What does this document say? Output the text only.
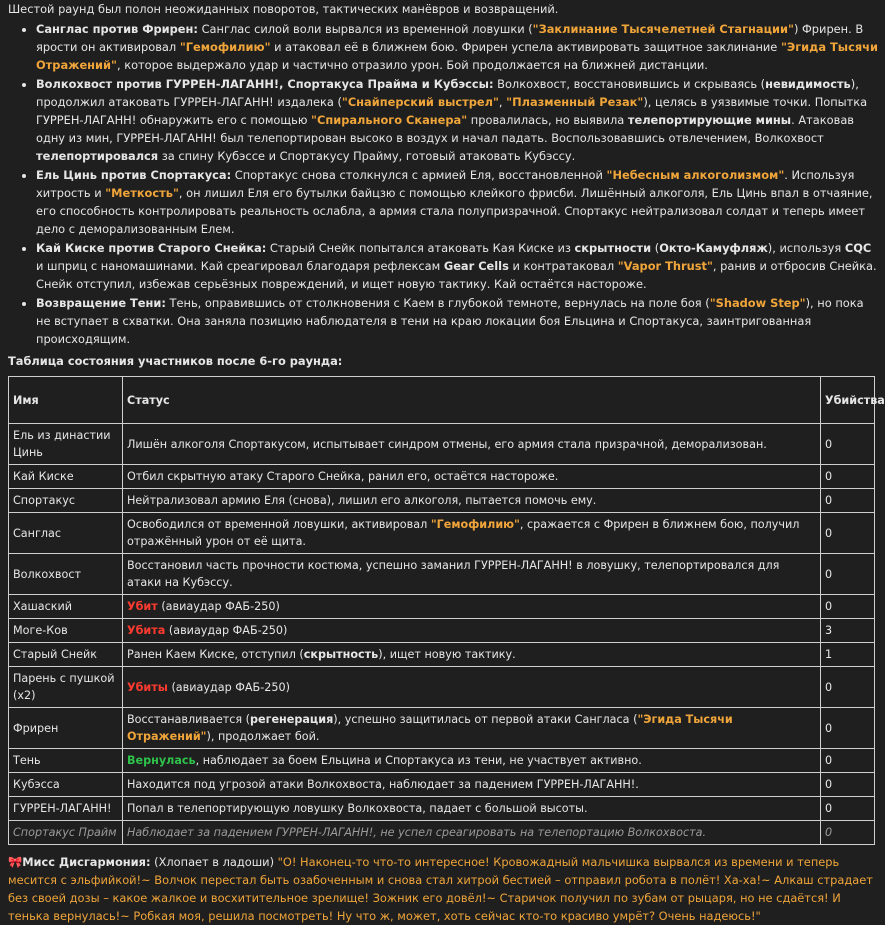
Шестой раунд был полон неожиданных поворотов, тактических манёвров и возвращений.

• Санглас против Фрирен: Санглас силой воли вырвался из временной ловушки ("Заклинание Тысячелетней Стагнации") Фрирен. В ярости он активировал "Гемофилию" и атаковал её в ближнем бою. Фрирен успела активировать защитное заклинание "Эгида Тысячи Отражений", которое выдержало удар и частично отразило урон. Бой продолжается на ближней дистанции.
• Волкохвост против ГУРРЕН-ЛАГАНН!, Спортакуса Прайма и Кубэссы: Волкохвост, восстановившись и скрываясь (невидимость), продолжил атаковать ГУРРЕН-ЛАГАНН! издалека ("Снайперский выстрел", "Плазменный Резак"), целясь в уязвимые точки. Попытка ГУРРЕН-ЛАГАНН! обнаружить его с помощью "Спирального Сканера" провалилась, но выявила телепортирующие мины. Атаковав одну из мин, ГУРРЕН-ЛАГАНН! был телепортирован высоко в воздух и начал падать. Воспользовавшись отвлечением, Волкохвост телепортировался за спину Кубэссе и Спортакусу Прайму, готовый атаковать Кубэссу.
• Ель Цинь против Спортакуса: Спортакус снова столкнулся с армией Еля, восстановленной "Небесным алкоголизмом". Используя хитрость и "Меткость", он лишил Еля его бутылки байцзю с помощью клейкого фрисби. Лишённый алкоголя, Ель Цинь впал в отчаяние, его способность контролировать реальность ослабла, а армия стала полупризрачной. Спортакус нейтрализовал солдат и теперь имеет дело с деморализованным Елем.
• Кай Киске против Старого Снейка: Старый Снейк попытался атаковать Кая Киске из скрытности (Окто-Камуфляж), используя CQC и шприц с наномашинами. Кай среагировал благодаря рефлексам Gear Cells и контратаковал "Vapor Thrust", ранив и отбросив Снейка. Снейк отступил, избежав серьёзных повреждений, и ищет новую тактику. Кай остаётся настороже.
• Возвращение Тени: Тень, оправившись от столкновения с Каем в глубокой темноте, вернулась на поле боя ("Shadow Step"), но пока не вступает в схватки. Она заняла позицию наблюдателя в тени на краю локации боя Ельцина и Спортакуса, заинтригованная происходящим.
Таблица состояния участников после 6-го раунда:
Имя	Статус	Убийства
Ель из династии Цинь	Лишён алкоголя Спортакусом, испытывает синдром отмены, его армия стала призрачной, деморализован.	0
Кай Киске	Отбил скрытную атаку Старого Снейка, ранил его, остаётся настороже.	0
Спортакус	Нейтрализовал армию Еля (снова), лишил его алкоголя, пытается помочь ему.	0
Санглас	Освободился от временной ловушки, активировал "Гемофилию", сражается с Фрирен в ближнем бою, получил отражённый урон от её щита.	0
Волкохвост	Восстановил часть прочности костюма, успешно заманил ГУРРЕН-ЛАГАНН! в ловушку, телепортировался для атаки на Кубэссу.	0
Хашаский	Убит (авиаудар ФАБ-250)	0
Моге-Ков	Убита (авиаудар ФАБ-250)	3
Старый Снейк	Ранен Каем Киске, отступил (скрытность), ищет новую тактику.	1
Парень с пушкой (x2)	Убиты (авиаудар ФАБ-250)	0
Фрирен	Восстанавливается (регенерация), успешно защитилась от первой атаки Сангласа ("Эгида Тысячи Отражений"), продолжает бой.	0
Тень	Вернулась, наблюдает за боем Ельцина и Спортакуса из тени, не участвует активно.	0
Кубэсса	Находится под угрозой атаки Волкохвоста, наблюдает за падением ГУРРЕН-ЛАГАНН!.	0
ГУРРЕН-ЛАГАНН!	Попал в телепортирующую ловушку Волкохвоста, падает с большой высоты.	0
Спортакус Прайм	Наблюдает за падением ГУРРЕН-ЛАГАНН!, не успел среагировать на телепортацию Волкохвоста.	0
🎀Мисс Дисгармония: (Хлопает в ладоши) "О! Наконец-то что-то интересное! Кровожадный мальчишка вырвался из времени и теперь месится с эльфийкой!~ Волчок перестал быть озабоченным и снова стал хитрой бестией – отправил робота в полёт! Ха-ха!~ Алкаш страдает без своей дозы – какое жалкое и восхитительное зрелище! Зожник его довёл!~ Старичок получил по зубам от рыцаря, но не сдаётся! И тенька вернулась!~ Робкая моя, решила посмотреть! Ну что ж, может, хоть сейчас кто-то красиво умрёт? Очень надеюсь!"
